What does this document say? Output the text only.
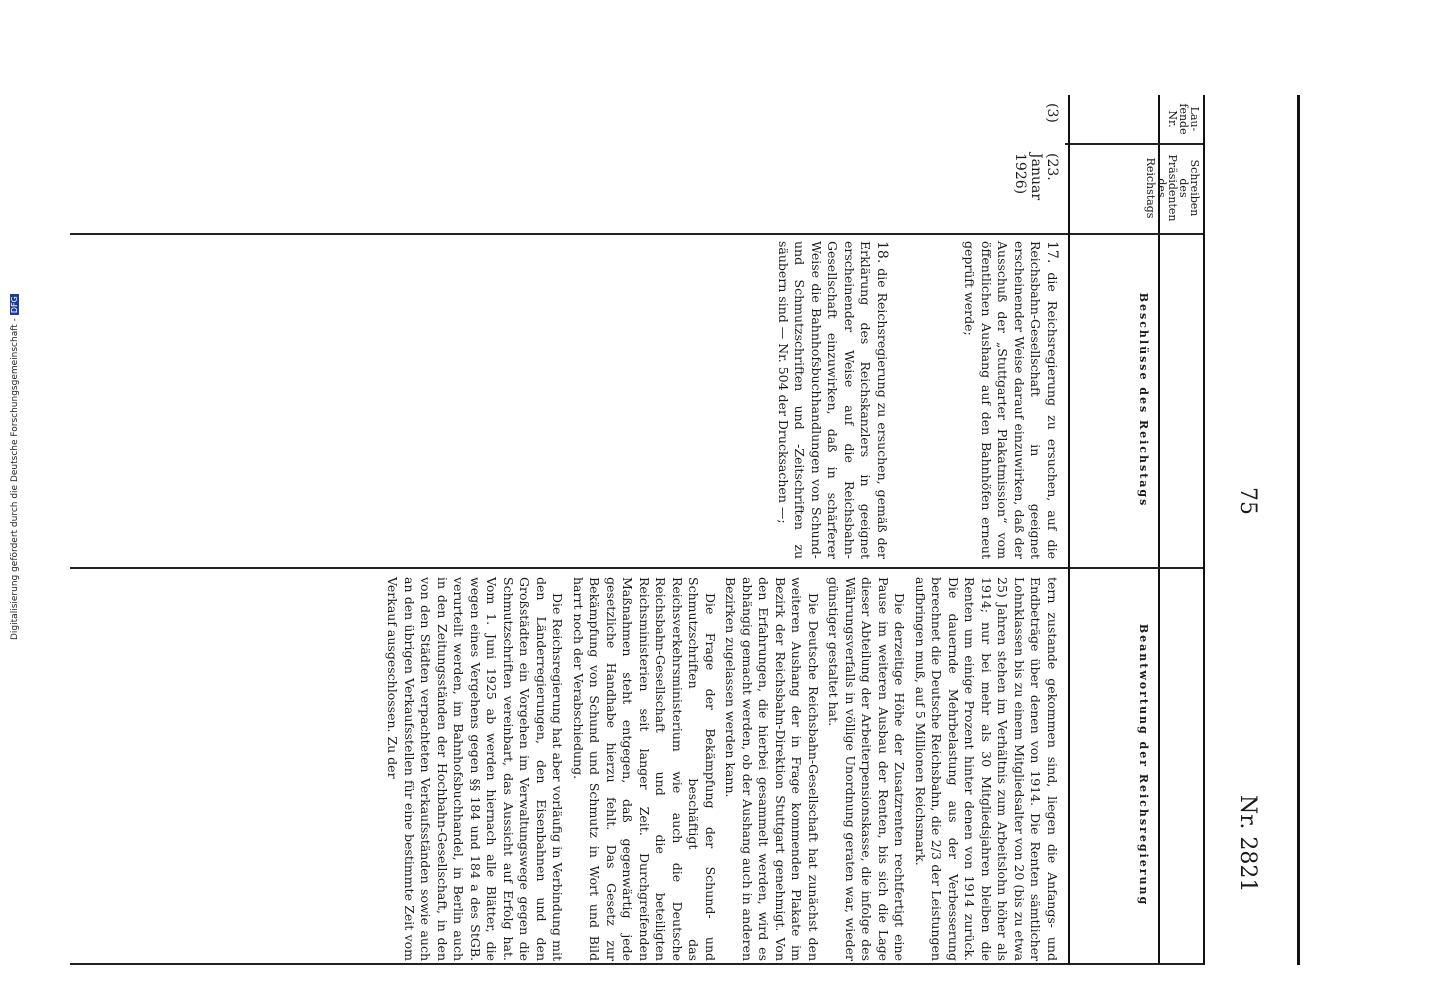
Digitalisierung gefördert durch die Deutsche Forschungsgemeinschaft -DFG
75
Nr. 2821
Lau-
fende
Nr.
Schreiben
des
Präsidenten
des
Reichstags
Beschlüsse des Reichstags
Beantwortung der Reichsregierung
(3)
(23. Januar
1926)
17. die Reichsregierung zu ersuchen, auf die Reichsbahn-Gesellschaft in geeignet erscheinender Weise darauf einzuwirken, daß der Ausschuß der „Stuttgarter Plakatmission“ vom öffentlichen Aushang auf den Bahnhöfen erneut geprüft werde;
18. die Reichsregierung zu ersuchen, gemäß der Erklärung des Reichskanzlers in geeignet erscheinender Weise auf die Reichsbahn-Gesellschaft einzuwirken, daß in schärferer Weise die Bahnhofsbuchhandlungen von Schund- und Schmutzschriften und -Zeitschriften zu säubern sind — Nr. 504 der Drucksachen —;

tern zustande gekommen sind, liegen die Anfangs- und Endbeträge über denen von 1914. Die Renten sämtlicher Lohnklassen bis zu einem Mitgliedsalter von 20 (bis zu etwa 25) Jahren stehen im Verhältnis zum Arbeitslohn höher als 1914; nur bei mehr als 30 Mitgliedsjahren bleiben die Renten um einige Prozent hinter denen von 1914 zurück. Die dauernde Mehrbelastung aus der Verbesserung berechnet die Deutsche Reichsbahn, die 2/3 der Leistungen aufbringen muß, auf 5 Millionen Reichsmark.

Die derzeitige Höhe der Zusatzrenten rechtfertigt eine Pause im weiteren Ausbau der Renten, bis sich die Lage dieser Abteilung der Arbeiterpensionskasse, die infolge des Währungsverfalls in völlige Unordnung geraten war, wieder günstiger gestaltet hat.

Die Deutsche Reichsbahn-Gesellschaft hat zunächst den weiteren Aushang der in Frage kommenden Plakate im Bezirk der Reichsbahn-Direktion Stuttgart genehmigt. Von den Erfahrungen, die hierbei gesammelt werden, wird es abhängig gemacht werden, ob der Aushang auch in anderen Bezirken zugelassen werden kann.

Die Frage der Bekämpfung der Schund- und Schmutzschriften beschäftigt das Reichsverkehrsministerium wie auch die Deutsche Reichsbahn-Gesellschaft und die beteiligten Reichsministerien seit langer Zeit. Durchgreifenden Maßnahmen steht entgegen, daß gegenwärtig jede gesetzliche Handhabe hierzu fehlt. Das Gesetz zur Bekämpfung von Schund und Schmutz in Wort und Bild harrt noch der Verabschiedung.

Die Reichsregierung hat aber vorläufig in Verbindung mit den Länderregierungen, den Eisenbahnen und den Großstädten ein Vorgehen im Verwaltungswege gegen die Schmutzschriften vereinbart, das Aussicht auf Erfolg hat. Vom 1. Juni 1925 ab werden hiernach alle Blätter, die wegen eines Vergehens gegen §§ 184 und 184 a des StGB. verurteilt werden, im Bahnhofsbuchhandel, in Berlin auch in den Zeitungsständen der Hochbahn-Gesellschaft, in den von den Städten verpachteten Verkaufsständen sowie auch an den übrigen Verkaufsstellen für eine bestimmte Zeit vom Verkauf ausgeschlossen. Zu der
